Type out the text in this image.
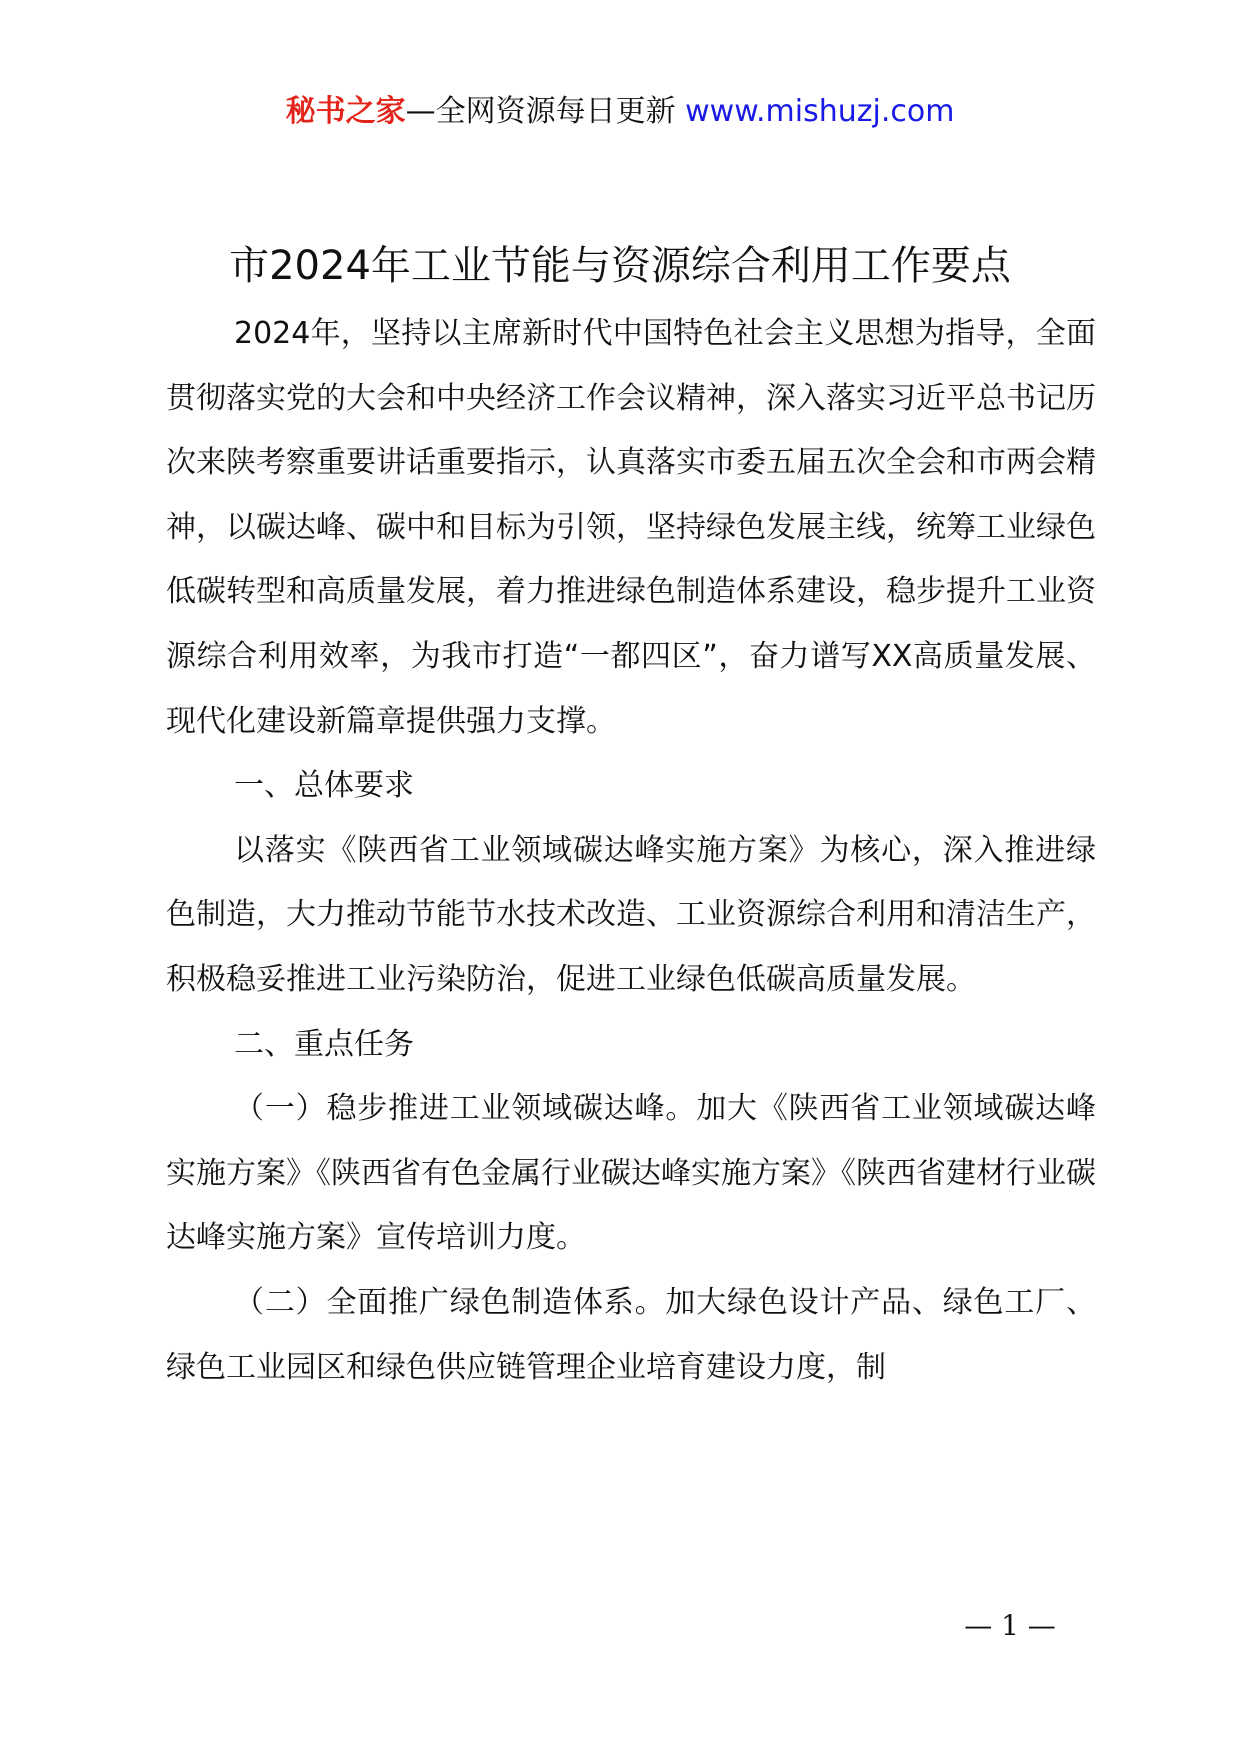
秘书之家—全网资源每日更新 www.mishuzj.com
市2024年工业节能与资源综合利用工作要点

2024年，坚持以主席新时代中国特色社会主义思想为指导，全面贯彻落实党的大会和中央经济工作会议精神，深入落实习近平总书记历次来陕考察重要讲话重要指示，认真落实市委五届五次全会和市两会精神，以碳达峰、碳中和目标为引领，坚持绿色发展主线，统筹工业绿色低碳转型和高质量发展，着力推进绿色制造体系建设，稳步提升工业资源综合利用效率，为我市打造“一都四区”，奋力谱写XX高质量发展、现代化建设新篇章提供强力支撑。

一、总体要求

以落实《陕西省工业领域碳达峰实施方案》为核心，深入推进绿色制造，大力推动节能节水技术改造、工业资源综合利用和清洁生产，积极稳妥推进工业污染防治，促进工业绿色低碳高质量发展。

二、重点任务

（一）稳步推进工业领域碳达峰。加大《陕西省工业领域碳达峰实施方案》《陕西省有色金属行业碳达峰实施方案》《陕西省建材行业碳达峰实施方案》宣传培训力度。

（二）全面推广绿色制造体系。加大绿色设计产品、绿色工厂、绿色工业园区和绿色供应链管理企业培育建设力度，制

— 1 —
